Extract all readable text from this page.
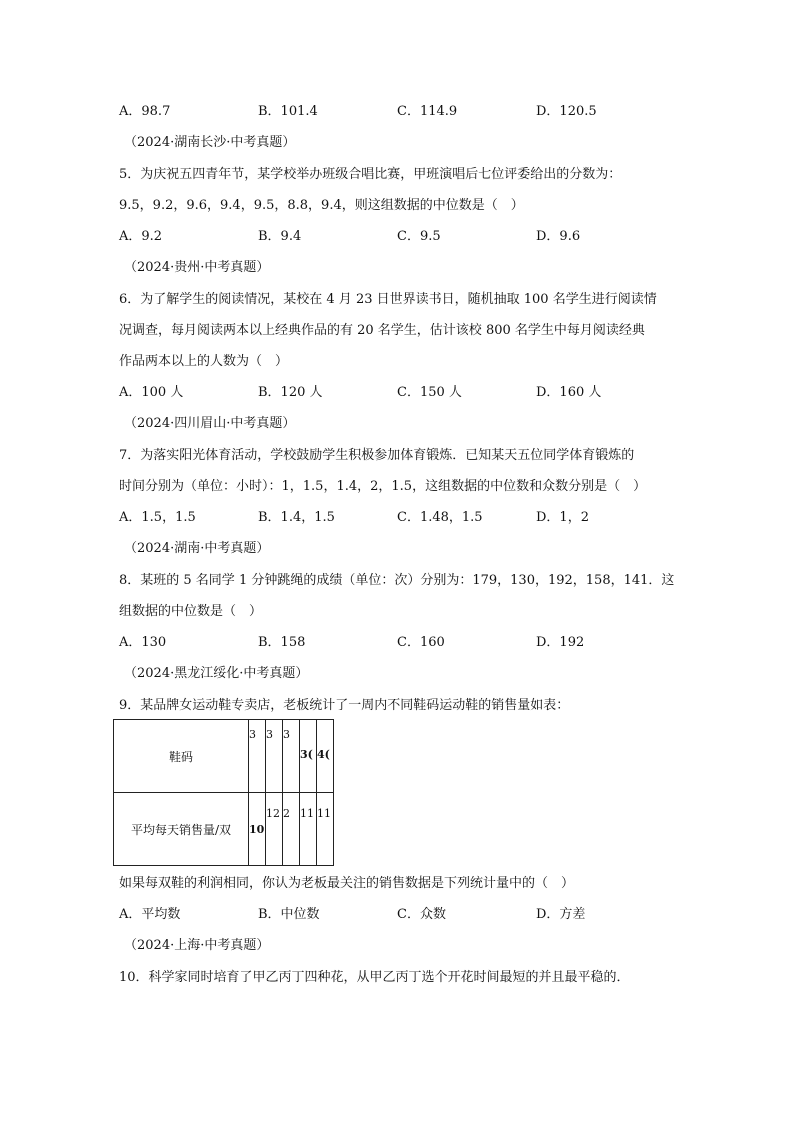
A．98.7	B．101.4	C．114.9	D．120.5
（2024·湖南长沙·中考真题）
5．为庆祝五四青年节，某学校举办班级合唱比赛，甲班演唱后七位评委给出的分数为：
9.5，9.2，9.6，9.4，9.5，8.8，9.4，则这组数据的中位数是（　）
A．9.2	B．9.4	C．9.5	D．9.6
（2024·贵州·中考真题）
6．为了解学生的阅读情况，某校在 4 月 23 日世界读书日，随机抽取 100 名学生进行阅读情
况调查，每月阅读两本以上经典作品的有 20 名学生，估计该校 800 名学生中每月阅读经典
作品两本以上的人数为（　）
A．100 人	B．120 人	C．150 人	D．160 人
（2024·四川眉山·中考真题）
7．为落实阳光体育活动，学校鼓励学生积极参加体育锻炼．已知某天五位同学体育锻炼的
时间分别为（单位：小时）：1，1.5，1.4，2，1.5，这组数据的中位数和众数分别是（　）
A．1.5，1.5	B．1.4，1.5	C．1.48，1.5	D．1，2
（2024·湖南·中考真题）
8．某班的 5 名同学 1 分钟跳绳的成绩（单位：次）分别为：179，130，192，158，141．这
组数据的中位数是（　）
A．130	B．158	C．160	D．192
（2024·黑龙江绥化·中考真题）
9．某品牌女运动鞋专卖店，老板统计了一周内不同鞋码运动鞋的销售量如表：
鞋码	3	3	3	3(	4(

平均每天销售量/双	10	12	2	11	11
如果每双鞋的利润相同，你认为老板最关注的销售数据是下列统计量中的（　）
A．平均数	B．中位数	C．众数	D．方差
（2024·上海·中考真题）
10．科学家同时培育了甲乙丙丁四种花，从甲乙丙丁选个开花时间最短的并且最平稳的．
